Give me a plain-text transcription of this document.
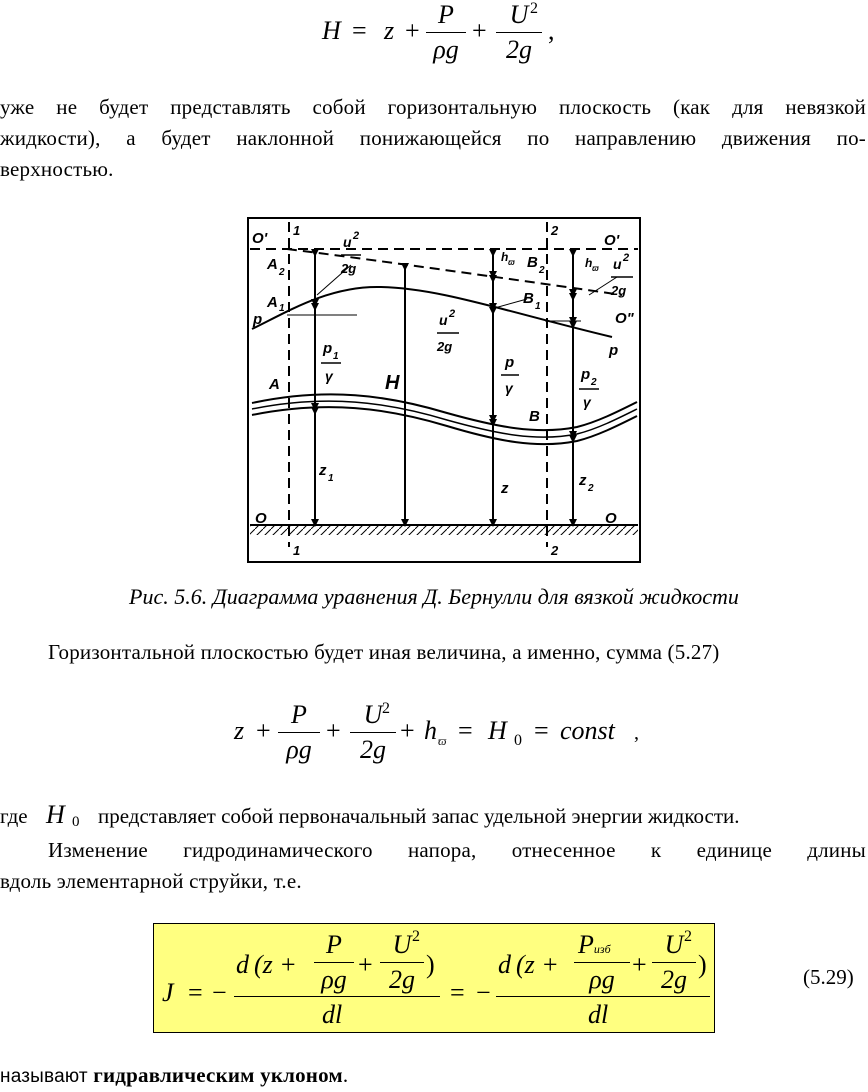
H = z +
P
ρg
+
U
2g
2
,
уже не будет представлять собой горизонтальную плоскость (как для невязкой
жидкости), а будет наклонной понижающейся по направлению движения по-
верхностью.
O'	O'
O"
1
1
2
2
A 2
A 1
p
p
A
B
B 2
B 1
O	O
H
u 2
2g
u 2
2g
u 2
2g
h ϖ	h ϖ
p 1
γ
p
γ
p 2
γ
z 1
z	z 2
Рис. 5.6. Диаграмма уравнения Д. Бернулли для вязкой жидкости
Горизонтальной плоскостью будет иная величина, а именно, сумма (5.27)
z +
P
ρg
+
U
2g
2
+ h ϖ = H 0 = const ,
где H 0 представляет собой первоначальный запас удельной энергии жидкости.
Изменение гидродинамического напора, отнесенное к единице длины
вдоль элементарной струйки, т.е.
J = −
d (z +
P
ρg
+
U
2g
2
)
dl
= −
d (z +
Pизб
ρg
+
U
2g
2
)
dl
(5.29)
называют гидравлическим уклоном.
